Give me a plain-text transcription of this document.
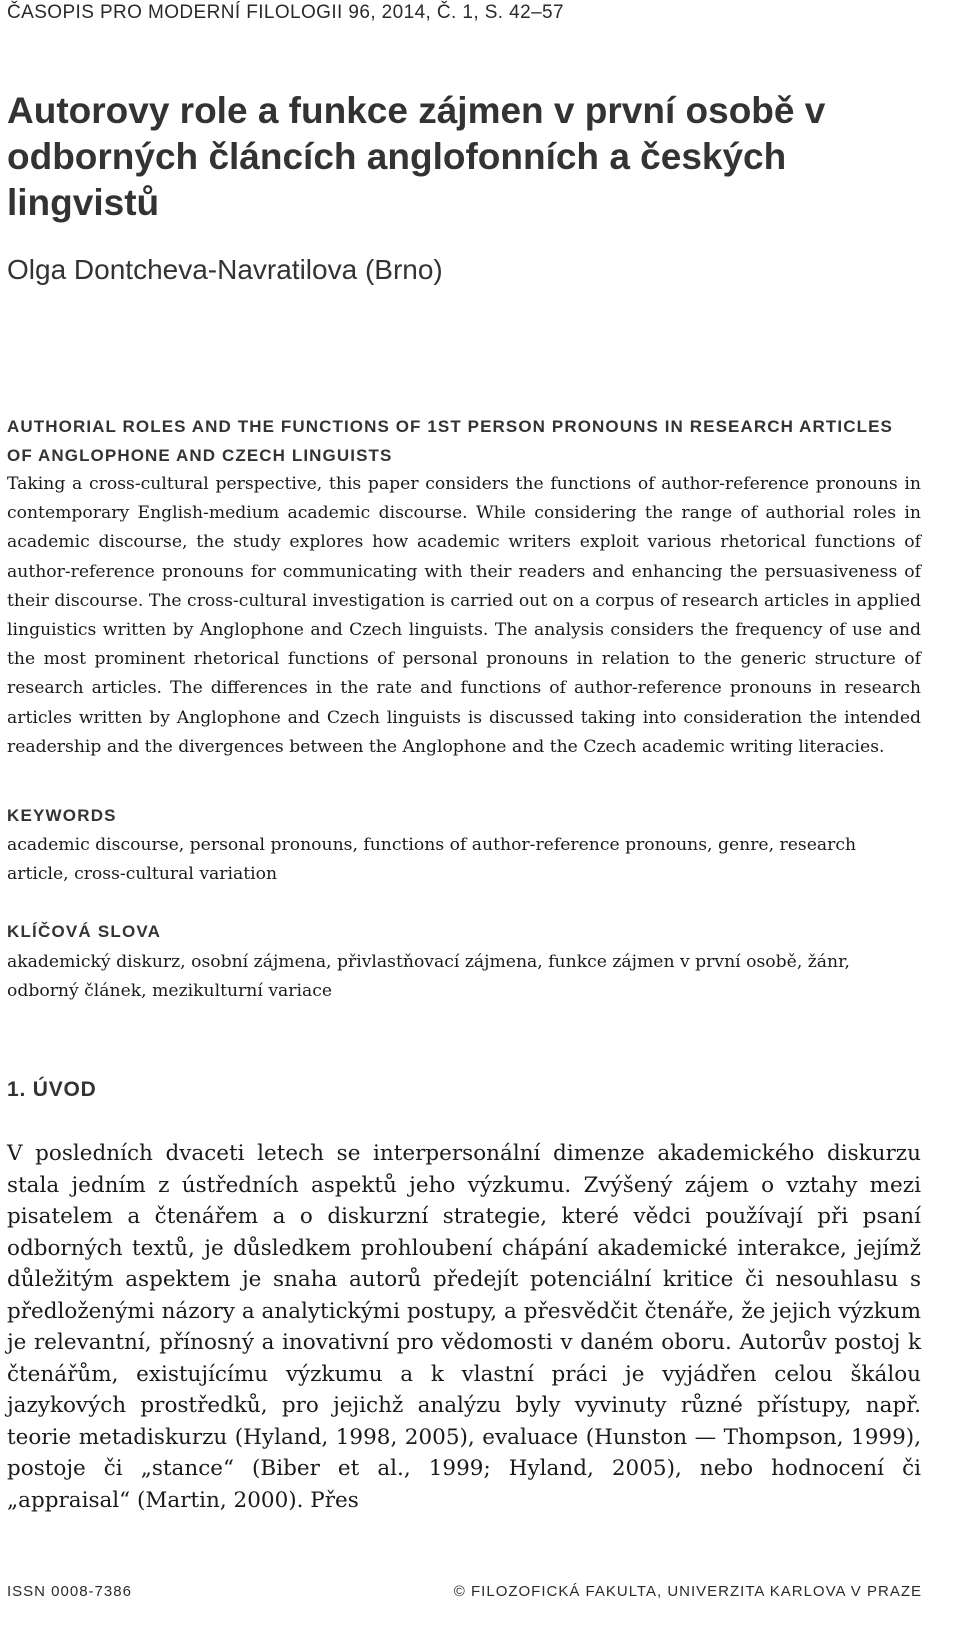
ČASOPIS PRO MODERNÍ FILOLOGII 96, 2014, Č. 1, S. 42–57
Autorovy role a funkce zájmen v první osobě v odborných článcích anglofonních a českých lingvistů
Olga Dontcheva-Navratilova (Brno)
AUTHORIAL ROLES AND THE FUNCTIONS OF 1ST PERSON PRONOUNS IN RESEARCH ARTICLES OF ANGLOPHONE AND CZECH LINGUISTS

Taking a cross-cultural perspective, this paper considers the functions of author-reference pronouns in contemporary English-medium academic discourse. While considering the range of authorial roles in academic discourse, the study explores how academic writers exploit various rhetorical functions of author-reference pronouns for communicating with their readers and enhancing the persuasiveness of their discourse. The cross-cultural investigation is carried out on a corpus of research articles in applied linguistics written by Anglophone and Czech linguists. The analysis considers the frequency of use and the most prominent rhetorical functions of personal pronouns in relation to the generic structure of research articles. The differences in the rate and functions of author-reference pronouns in research articles written by Anglophone and Czech linguists is discussed taking into consideration the intended readership and the divergences between the Anglophone and the Czech academic writing literacies.

KEYWORDS

academic discourse, personal pronouns, functions of author-reference pronouns, genre, research article, cross-cultural variation

KLÍČOVÁ SLOVA

akademický diskurz, osobní zájmena, přivlastňovací zájmena, funkce zájmen v první osobě, žánr, odborný článek, mezikulturní variace

1. ÚVOD

V posledních dvaceti letech se interpersonální dimenze akademického diskurzu stala jedním z ústředních aspektů jeho výzkumu. Zvýšený zájem o vztahy mezi pisatelem a čtenářem a o diskurzní strategie, které vědci používají při psaní odborných textů, je důsledkem prohloubení chápání akademické interakce, jejímž důležitým aspektem je snaha autorů předejít potenciální kritice či nesouhlasu s předloženými názory a analytickými postupy, a přesvědčit čtenáře, že jejich výzkum je relevantní, přínosný a inovativní pro vědomosti v daném oboru. Autorův postoj k čtenářům, existujícímu výzkumu a k vlastní práci je vyjádřen celou škálou jazykových prostředků, pro jejichž analýzu byly vyvinuty různé přístupy, např. teorie metadiskurzu (Hyland, 1998, 2005), evaluace (Hunston — Thompson, 1999), postoje či „stance“ (Biber et al., 1999; Hyland, 2005), nebo hodnocení či „appraisal“ (Martin, 2000). Přes

ISSN 0008-7386	© FILOZOFICKÁ FAKULTA, UNIVERZITA KARLOVA V PRAZE
